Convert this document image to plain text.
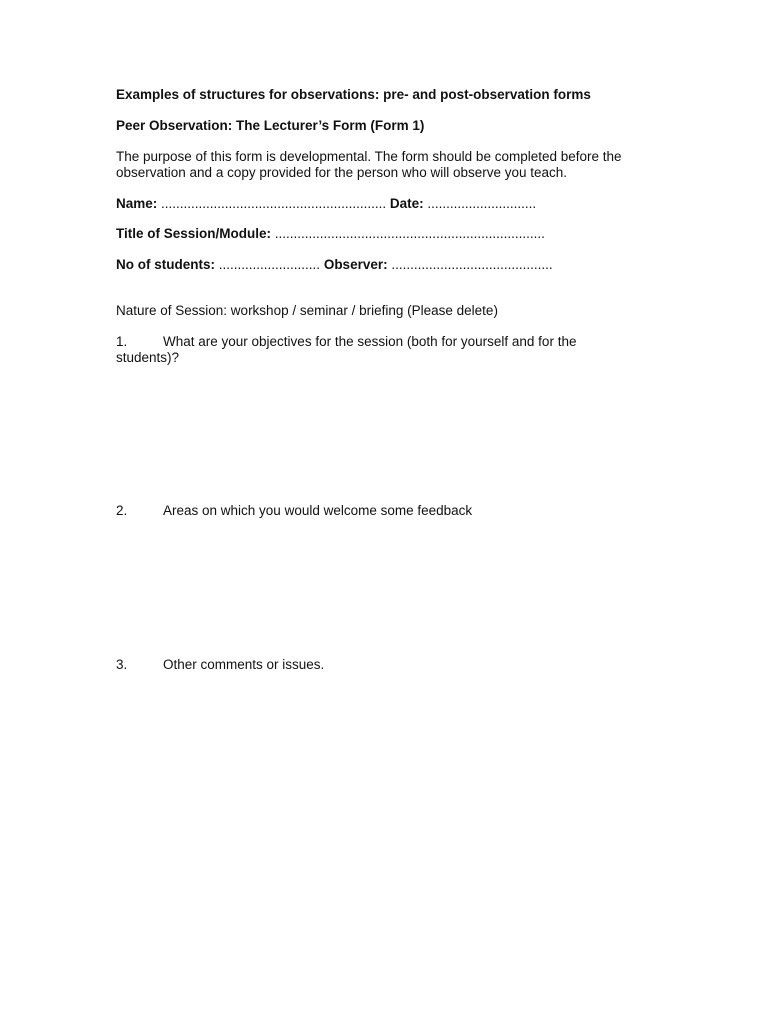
Examples of structures for observations: pre- and post-observation forms
Peer Observation: The Lecturer’s Form (Form 1)
The purpose of this form is developmental. The form should be completed before the
observation and a copy provided for the person who will observe you teach.
Name: ............................................................ Date: .............................
Title of Session/Module: ........................................................................
No of students: ........................... Observer: ...........................................
Nature of Session: workshop / seminar / briefing (Please delete)
1.	What are your objectives for the session (both for yourself and for the
students)?
2.	Areas on which you would welcome some feedback
3.	Other comments or issues.
